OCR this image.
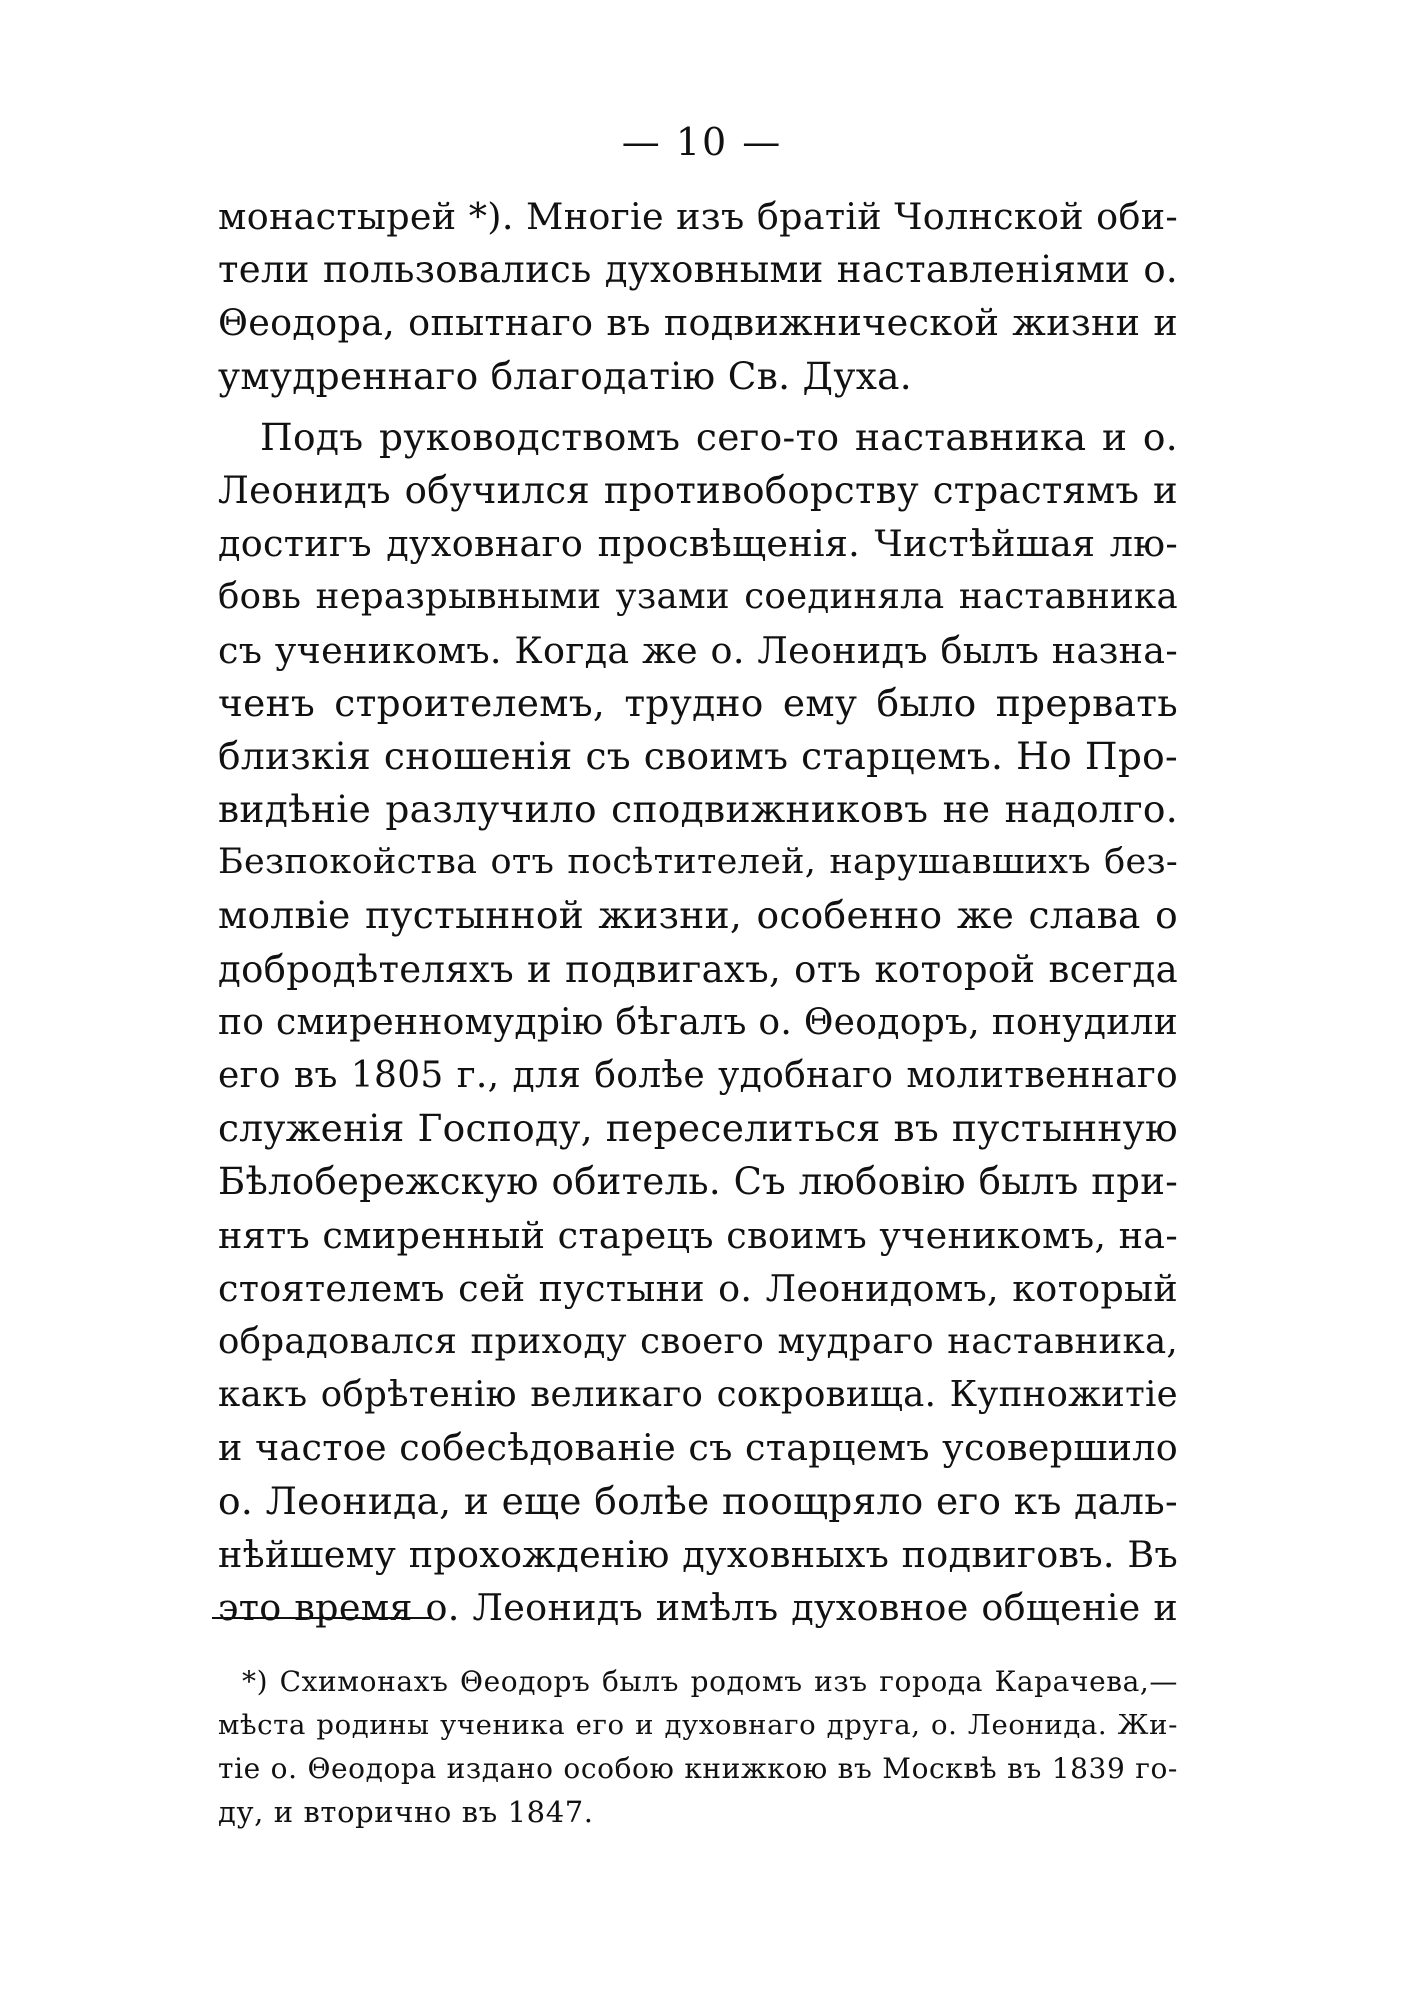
— 10 —
монастырей *). Многіе изъ братій Чолнской оби-
тели пользовались духовными наставленіями о.
Θеодора, опытнаго въ подвижнической жизни и
умудреннаго благодатію Св. Духа.
Подъ руководствомъ сего-то наставника и о.
Леонидъ обучился противоборству страстямъ и
достигъ духовнаго просвѣщенія. Чистѣйшая лю-
бовь неразрывными узами соединяла наставника
съ ученикомъ. Когда же о. Леонидъ былъ назна-
ченъ строителемъ, трудно ему было прервать
близкія сношенія съ своимъ старцемъ. Но Про-
видѣніе разлучило сподвижниковъ не надолго.
Безпокойства отъ посѣтителей, нарушавшихъ без-
молвіе пустынной жизни, особенно же слава о
добродѣтеляхъ и подвигахъ, отъ которой всегда
по смиренномудрію бѣгалъ о. Θеодоръ, понудили
его въ 1805 г., для болѣе удобнаго молитвеннаго
служенія Господу, переселиться въ пустынную
Бѣлобережскую обитель. Съ любовію былъ при-
нятъ смиренный старецъ своимъ ученикомъ, на-
стоятелемъ сей пустыни о. Леонидомъ, который
обрадовался приходу своего мудраго наставника,
какъ обрѣтенію великаго сокровища. Купножитіе
и частое собесѣдованіе съ старцемъ усовершило
о. Леонида, и еще болѣе поощряло его къ даль-
нѣйшему прохожденію духовныхъ подвиговъ. Въ
это время о. Леонидъ имѣлъ духовное общеніе и
*) Схимонахъ Θеодоръ былъ родомъ изъ города Карачева,—
мѣста родины ученика его и духовнаго друга, о. Леонида. Жи-
тіе о. Θеодора издано особою книжкою въ Москвѣ въ 1839 го-
ду, и вторично въ 1847.
